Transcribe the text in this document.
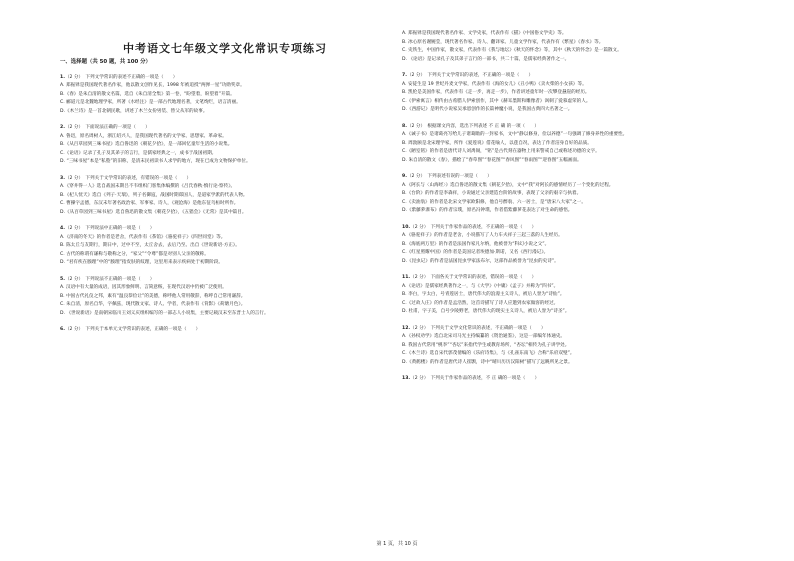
中考语文七年级文学文化常识专项练习
一、选择题（共 50 题，共 100 分）
1.（2 分）　下列文学常识的表述不正确的一项是（　　）
A. 郑振铎是我国现代著名作家，他以散文创作见长，1998 年被追授“两弹一星”功勋奖章。
B.《春》是朱自清的散文名篇，选自《朱自清全集》第一卷，“盼望着，盼望着”开篇。
C. 郦道元是北魏地理学家，所著《水经注》是一部古代地理名著，文笔绚烂，语言清丽。
D.《木兰诗》是一首北朝民歌，讲述了木兰女扮男装、替父从军的故事。
2.（2 分）　下面说法正确的一项是（　　）
A. 鲁迅，原名周树人，浙江绍兴人，是我国现代著名的文学家、思想家、革命家。
B.《从百草园到三味书屋》选自鲁迅的《朝花夕拾》，是一部回忆童年生活的小说集。
C.《论语》记录了孔子及其弟子的言行，是儒家经典之一，成书于战国初期。
D. “三味书屋”本是“私塾”的旧称，是清末民初读书人求学的地方，现在已成为文物保护单位。
3.（2 分）　下列关于文学常识的表述，有错误的一项是（　　）
A.《穿井得一人》选自战国末期吕不韦组织门客集体编撰的《吕氏春秋·慎行论·察传》。
B.《杞人忧天》选自《列子·天瑞》，列子名御寇，战国时期郑国人，是道家学派的代表人物。
C. 曹操字孟德，东汉末年著名政治家、军事家、诗人，《观沧海》是他东征乌桓时所作。
D.《从百草园到三味书屋》选自鲁迅的散文集《朝花夕拾》，《五猖会》《无常》是其中篇目。
4.（2 分）　下列说法中正确的一项是（　　）
A.《济南的冬天》的作者是老舍，代表作有《茶馆》《骆驼祥子》《四世同堂》等。
B. 陈太丘与友期行，期日中，过中不至，太丘舍去，去后乃至。出自《世说新语·方正》。
C. 古代的称谓有谦称与敬称之分，“家父”“令尊”都是对别人父亲的敬称。
D. “君有疾在腠理”中的“腠理”指皮肤的纹理，这里用来表示疾病处于初期阶段。
5.（2 分）　下列说法不正确的一项是（　　）
A. 汉语中有大量的成语，因其形象鲜明、言简意赅，在现代汉语中仍被广泛使用。
B. 中国古代礼仪之邦，素有“温良恭俭让”的美德，称呼他人常用敬辞，称呼自己常用谦辞。
C. 朱自清，原名自华，字佩弦，现代散文家、诗人、学者，代表作有《背影》《荷塘月色》。
D. 《世说新语》是南朝宋临川王刘义庆组织编写的一部志人小说集，主要记载汉末至东晋士人的言行。
6.（2 分）　下列关于本单元文学常识的表述，正确的一项是（　　）
A. 郑振铎是我国现代著名作家、文学史家，代表作有《猫》《中国俗文学史》等。
B. 冰心原名谢婉莹，现代著名作家、诗人、翻译家、儿童文学作家，代表作有《繁星》《春水》等。
C. 史铁生，中国作家，散文家，代表作有《我与地坛》《秋天的怀念》等，其中《秋天的怀念》是一篇散文。
D. 《论语》是记录孔子及其弟子言行的一部书，共二十篇，是儒家经典著作之一。
7.（2 分）　下列关于文学常识的表述，不正确的一项是（　　）
A. 安徒生是 19 世纪丹麦文学家，代表作有《海的女儿》《丑小鸭》《卖火柴的小女孩》等。
B. 凯伦是美国作家，代表作有《走一步，再走一步》，作者讲述童年时一次攀登悬崖的经历。
C.《伊索寓言》相传由古希腊人伊索创作，其中《赫耳墨斯和雕像者》讽刺了爱慕虚荣的人。
D.《西游记》是明代小说家吴承恩创作的长篇神魔小说，是我国古典四大名著之一。
8.（2 分）　根据课文内容，选出下列表述 不 正 确 的一项（　　）
A.《诫子书》是诸葛亮写给儿子诸葛瞻的一封家书，文中“静以修身，俭以养德”一句强调了修身养性的重要性。
B. 周敦颐是北宋理学家，所作《爱莲说》借花喻人，以莲自况，表达了作者洁身自好的品质。
C.《陋室铭》的作者是唐代诗人刘禹锡，“铭”是古代刻在器物上用来警戒自己或称述功德的文字。
D. 朱自清的散文《春》，描绘了“春草图”“春花图”“春风图”“春雨图”“迎春图”五幅画面。
9.（2 分）　下列表述有误的一项是（　　）
A.《阿长与〈山海经〉》选自鲁迅的散文集《朝花夕拾》，文中“我”对阿长的感情经历了一个变化的过程。
B.《台阶》的作者是李森祥，小说通过父亲建造台阶的故事，表现了父亲的艰辛与执着。
C.《卖油翁》的作者是北宋文学家欧阳修，他自号醉翁、六一居士，是“唐宋八大家”之一。
D.《紫藤萝瀑布》的作者宗璞，原名冯钟璞，作者借紫藤萝花表达了对生命的感悟。
10.（2 分）　下列关于作家作品的表述，不正确的一项是（　　）
A.《骆驼祥子》的作者是老舍，小说描写了人力车夫祥子三起三落的人生经历。
B.《海底两万里》的作者是法国作家凡尔纳，他被誉为“科幻小说之父”。
C.《红星照耀中国》的作者是美国记者埃德加·斯诺，又名《西行漫记》。
D.《昆虫记》的作者是法国昆虫学家法布尔，这部作品被誉为“昆虫的史诗”。
11.（2 分）　下面各关于文学常识的表述，错误的一项是（　　）
A.《论语》是儒家经典著作之一，与《大学》《中庸》《孟子》并称为“四书”。
B. 李白，字太白，号青莲居士，唐代伟大的浪漫主义诗人，被后人誉为“诗仙”。
C.《过故人庄》的作者是孟浩然，这首诗描写了诗人应邀到农家做客的经过。
D. 杜甫，字子美，自号少陵野老，唐代伟大的现实主义诗人，被后人誉为“诗圣”。
12.（2 分）　下列关于文学文化常识的表述，不正确的一项是（　　）
A.《孙权劝学》选自北宋司马光主持编纂的《资治通鉴》，这是一部编年体通史。
B. 我国古代常用“桃李”“杏坛”来指代学生或教育场所，“杏坛”相传为孔子讲学处。
C.《木兰诗》选自宋代郭茂倩编的《乐府诗集》，与《孔雀东南飞》合称“乐府双璧”。
D.《黄鹤楼》的作者是唐代诗人崔颢，诗中“晴川历历汉阳树”描写了远眺所见之景。
13.（2 分）　下列关于作家作品的表述，不 正 确的一项是（　　）
第 1 页，共 10 页
